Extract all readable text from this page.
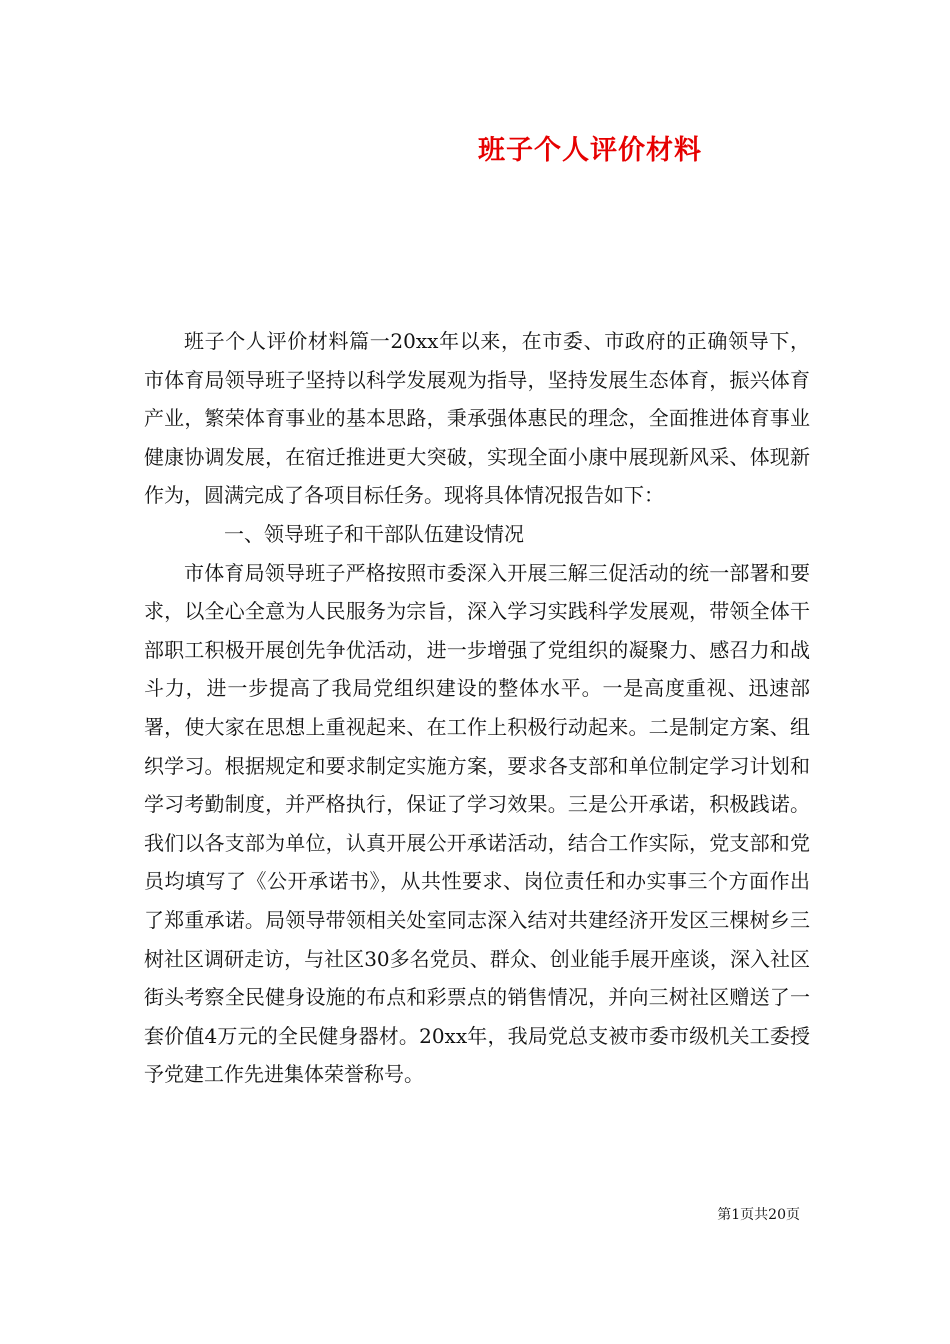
班子个人评价材料

班子个人评价材料篇一20xx年以来，在市委、市政府的正确领导下，市体育局领导班子坚持以科学发展观为指导，坚持发展生态体育，振兴体育产业，繁荣体育事业的基本思路，秉承强体惠民的理念，全面推进体育事业健康协调发展，在宿迁推进更大突破，实现全面小康中展现新风采、体现新作为，圆满完成了各项目标任务。现将具体情况报告如下：

一、领导班子和干部队伍建设情况

市体育局领导班子严格按照市委深入开展三解三促活动的统一部署和要求，以全心全意为人民服务为宗旨，深入学习实践科学发展观，带领全体干部职工积极开展创先争优活动，进一步增强了党组织的凝聚力、感召力和战斗力，进一步提高了我局党组织建设的整体水平。一是高度重视、迅速部署，使大家在思想上重视起来、在工作上积极行动起来。二是制定方案、组织学习。根据规定和要求制定实施方案，要求各支部和单位制定学习计划和学习考勤制度，并严格执行，保证了学习效果。三是公开承诺，积极践诺。我们以各支部为单位，认真开展公开承诺活动，结合工作实际，党支部和党员均填写了《公开承诺书》，从共性要求、岗位责任和办实事三个方面作出了郑重承诺。局领导带领相关处室同志深入结对共建经济开发区三棵树乡三树社区调研走访，与社区30多名党员、群众、创业能手展开座谈，深入社区街头考察全民健身设施的布点和彩票点的销售情况，并向三树社区赠送了一套价值4万元的全民健身器材。20xx年，我局党总支被市委市级机关工委授予党建工作先进集体荣誉称号。

第1页共20页
